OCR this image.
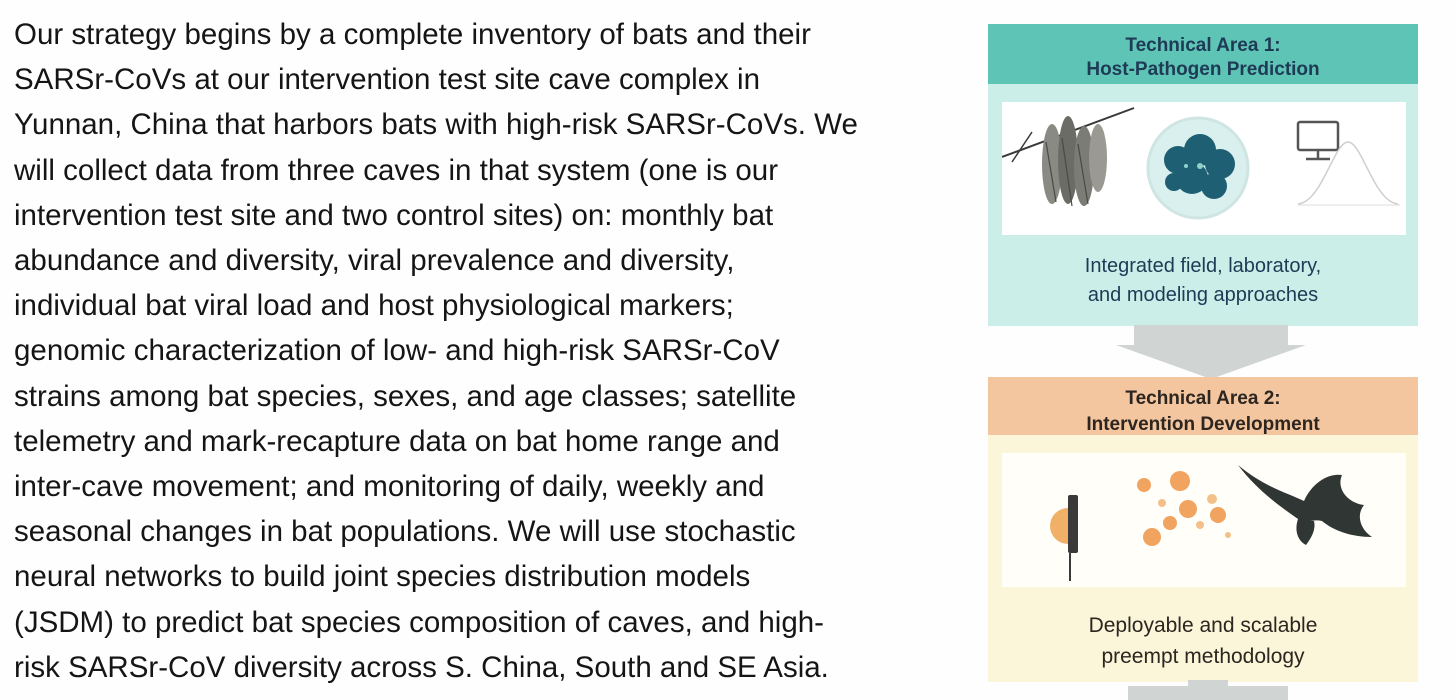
Our strategy begins by a complete inventory of bats and their
SARSr-CoVs at our intervention test site cave complex in
Yunnan, China that harbors bats with high-risk SARSr-CoVs. We
will collect data from three caves in that system (one is our
intervention test site and two control sites) on: monthly bat
abundance and diversity, viral prevalence and diversity,
individual bat viral load and host physiological markers;
genomic characterization of low- and high-risk SARSr-CoV
strains among bat species, sexes, and age classes; satellite
telemetry and mark-recapture data on bat home range and
inter-cave movement; and monitoring of daily, weekly and
seasonal changes in bat populations. We will use stochastic
neural networks to build joint species distribution models
(JSDM) to predict bat species composition of caves, and high-
risk SARSr-CoV diversity across S. China, South and SE Asia.

Technical Area 1:
Host-Pathogen Prediction
Integrated field, laboratory,
and modeling approaches
Technical Area 2:
Intervention Development
Deployable and scalable
preempt methodology
